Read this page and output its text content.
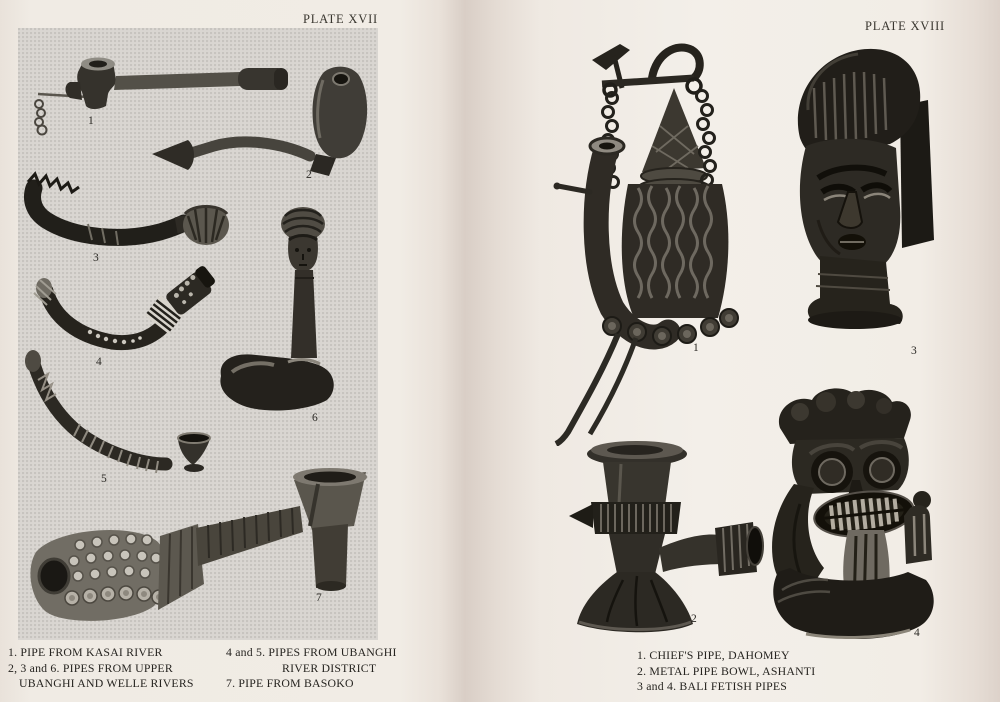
PLATE XVII
1
2
3
4
5
6
7
1. PIPE FROM KASAI RIVER
2, 3 and 6. PIPES FROM UPPER
UBANGHI AND WELLE RIVERS
4 and 5. PIPES FROM UBANGHI
RIVER DISTRICT
7. PIPE FROM BASOKO
PLATE XVIII
1
2
3
4
1. CHIEF'S PIPE, DAHOMEY
2. METAL PIPE BOWL, ASHANTI
3 and 4. BALI FETISH PIPES
